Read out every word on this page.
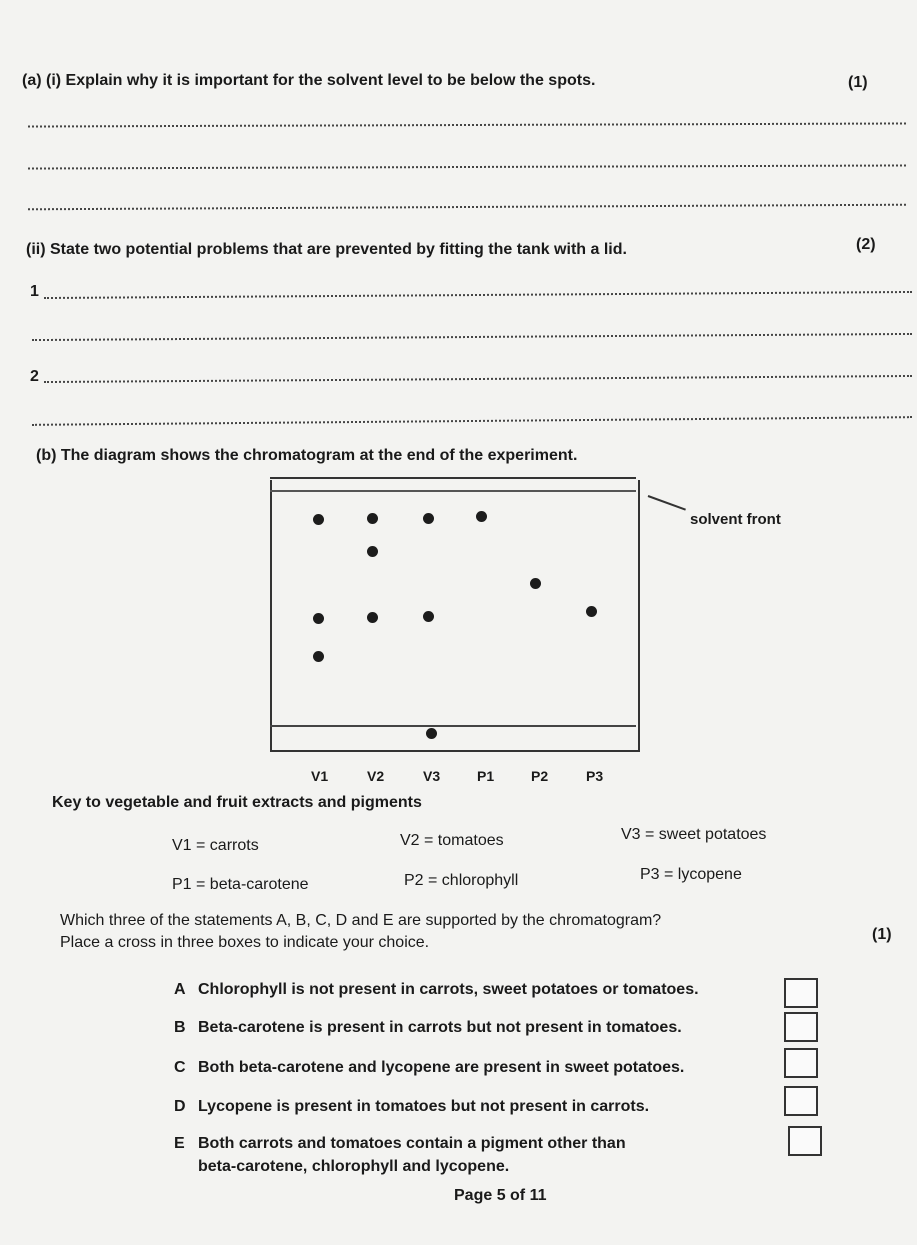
(a) (i) Explain why it is important for the solvent level to be below the spots.	(1)
(ii) State two potential problems that are prevented by fitting the tank with a lid.	(2)
1
2
(b) The diagram shows the chromatogram at the end of the experiment.
solvent front
V1	V2	V3	P1	P2	P3
Key to vegetable and fruit extracts and pigments
V1 = carrots	V2 = tomatoes	V3 = sweet potatoes
P1 = beta-carotene	P2 = chlorophyll	P3 = lycopene
Which three of the statements A, B, C, D and E are supported by the chromatogram?
Place a cross in three boxes to indicate your choice.	(1)
A Chlorophyll is not present in carrots, sweet potatoes or tomatoes.
B Beta-carotene is present in carrots but not present in tomatoes.
C Both beta-carotene and lycopene are present in sweet potatoes.
D Lycopene is present in tomatoes but not present in carrots.
E Both carrots and tomatoes contain a pigment other than
beta-carotene, chlorophyll and lycopene.
Page 5 of 11
